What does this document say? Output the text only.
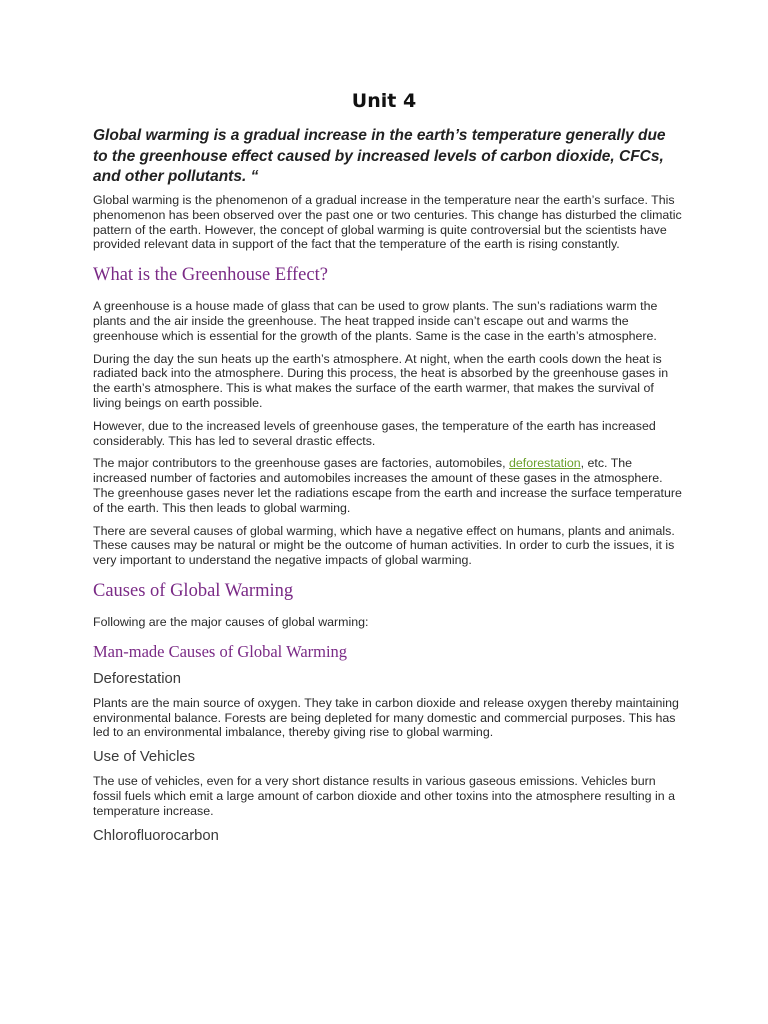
Unit 4

Global warming is a gradual increase in the earth’s temperature generally due to the greenhouse effect caused by increased levels of carbon dioxide, CFCs, and other pollutants. “

Global warming is the phenomenon of a gradual increase in the temperature near the earth’s surface. This phenomenon has been observed over the past one or two centuries. This change has disturbed the climatic pattern of the earth. However, the concept of global warming is quite controversial but the scientists have provided relevant data in support of the fact that the temperature of the earth is rising constantly.

What is the Greenhouse Effect?

A greenhouse is a house made of glass that can be used to grow plants. The sun’s radiations warm the plants and the air inside the greenhouse. The heat trapped inside can’t escape out and warms the greenhouse which is essential for the growth of the plants. Same is the case in the earth’s atmosphere.

During the day the sun heats up the earth’s atmosphere. At night, when the earth cools down the heat is radiated back into the atmosphere. During this process, the heat is absorbed by the greenhouse gases in the earth’s atmosphere. This is what makes the surface of the earth warmer, that makes the survival of living beings on earth possible.

However, due to the increased levels of greenhouse gases, the temperature of the earth has increased considerably. This has led to several drastic effects.

The major contributors to the greenhouse gases are factories, automobiles, deforestation, etc. The increased number of factories and automobiles increases the amount of these gases in the atmosphere. The greenhouse gases never let the radiations escape from the earth and increase the surface temperature of the earth. This then leads to global warming.

There are several causes of global warming, which have a negative effect on humans, plants and animals. These causes may be natural or might be the outcome of human activities. In order to curb the issues, it is very important to understand the negative impacts of global warming.

Causes of Global Warming

Following are the major causes of global warming:

Man-made Causes of Global Warming
Deforestation

Plants are the main source of oxygen. They take in carbon dioxide and release oxygen thereby maintaining environmental balance. Forests are being depleted for many domestic and commercial purposes. This has led to an environmental imbalance, thereby giving rise to global warming.

Use of Vehicles

The use of vehicles, even for a very short distance results in various gaseous emissions. Vehicles burn fossil fuels which emit a large amount of carbon dioxide and other toxins into the atmosphere resulting in a temperature increase.

Chlorofluorocarbon
